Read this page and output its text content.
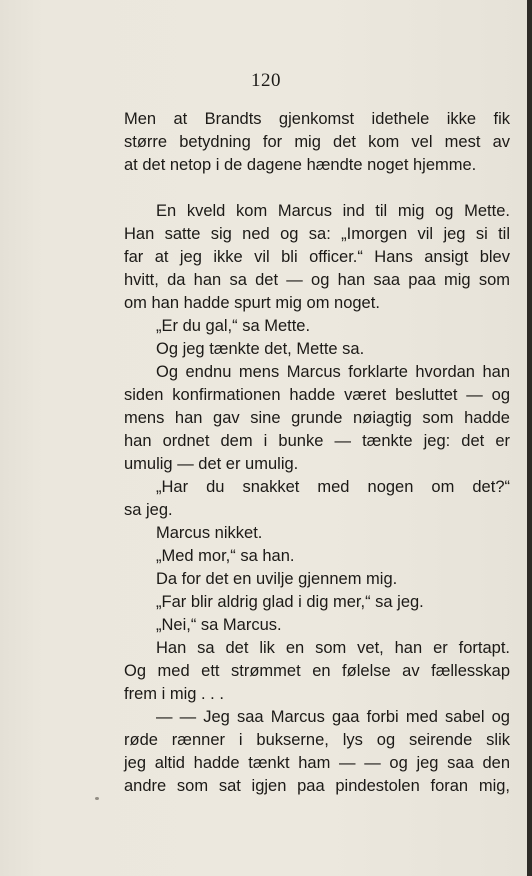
120
Men at Brandts gjenkomst idethele ikke fik
større betydning for mig det kom vel mest av
at det netop i de dagene hændte noget hjemme.
En kveld kom Marcus ind til mig og Mette.
Han satte sig ned og sa: „Imorgen vil jeg si til
far at jeg ikke vil bli officer.“ Hans ansigt blev
hvitt, da han sa det — og han saa paa mig som
om han hadde spurt mig om noget.
„Er du gal,“ sa Mette.
Og jeg tænkte det, Mette sa.
Og endnu mens Marcus forklarte hvordan han
siden konfirmationen hadde været besluttet — og
mens han gav sine grunde nøiagtig som hadde
han ordnet dem i bunke — tænkte jeg: det er
umulig — det er umulig.
„Har du snakket med nogen om det?“
sa jeg.
Marcus nikket.
„Med mor,“ sa han.
Da for det en uvilje gjennem mig.
„Far blir aldrig glad i dig mer,“ sa jeg.
„Nei,“ sa Marcus.
Han sa det lik en som vet, han er fortapt.
Og med ett strømmet en følelse av fællesskap
frem i mig . . .
— — Jeg saa Marcus gaa forbi med sabel og
røde rænner i bukserne, lys og seirende slik
jeg altid hadde tænkt ham — — og jeg saa den
andre som sat igjen paa pindestolen foran mig,
